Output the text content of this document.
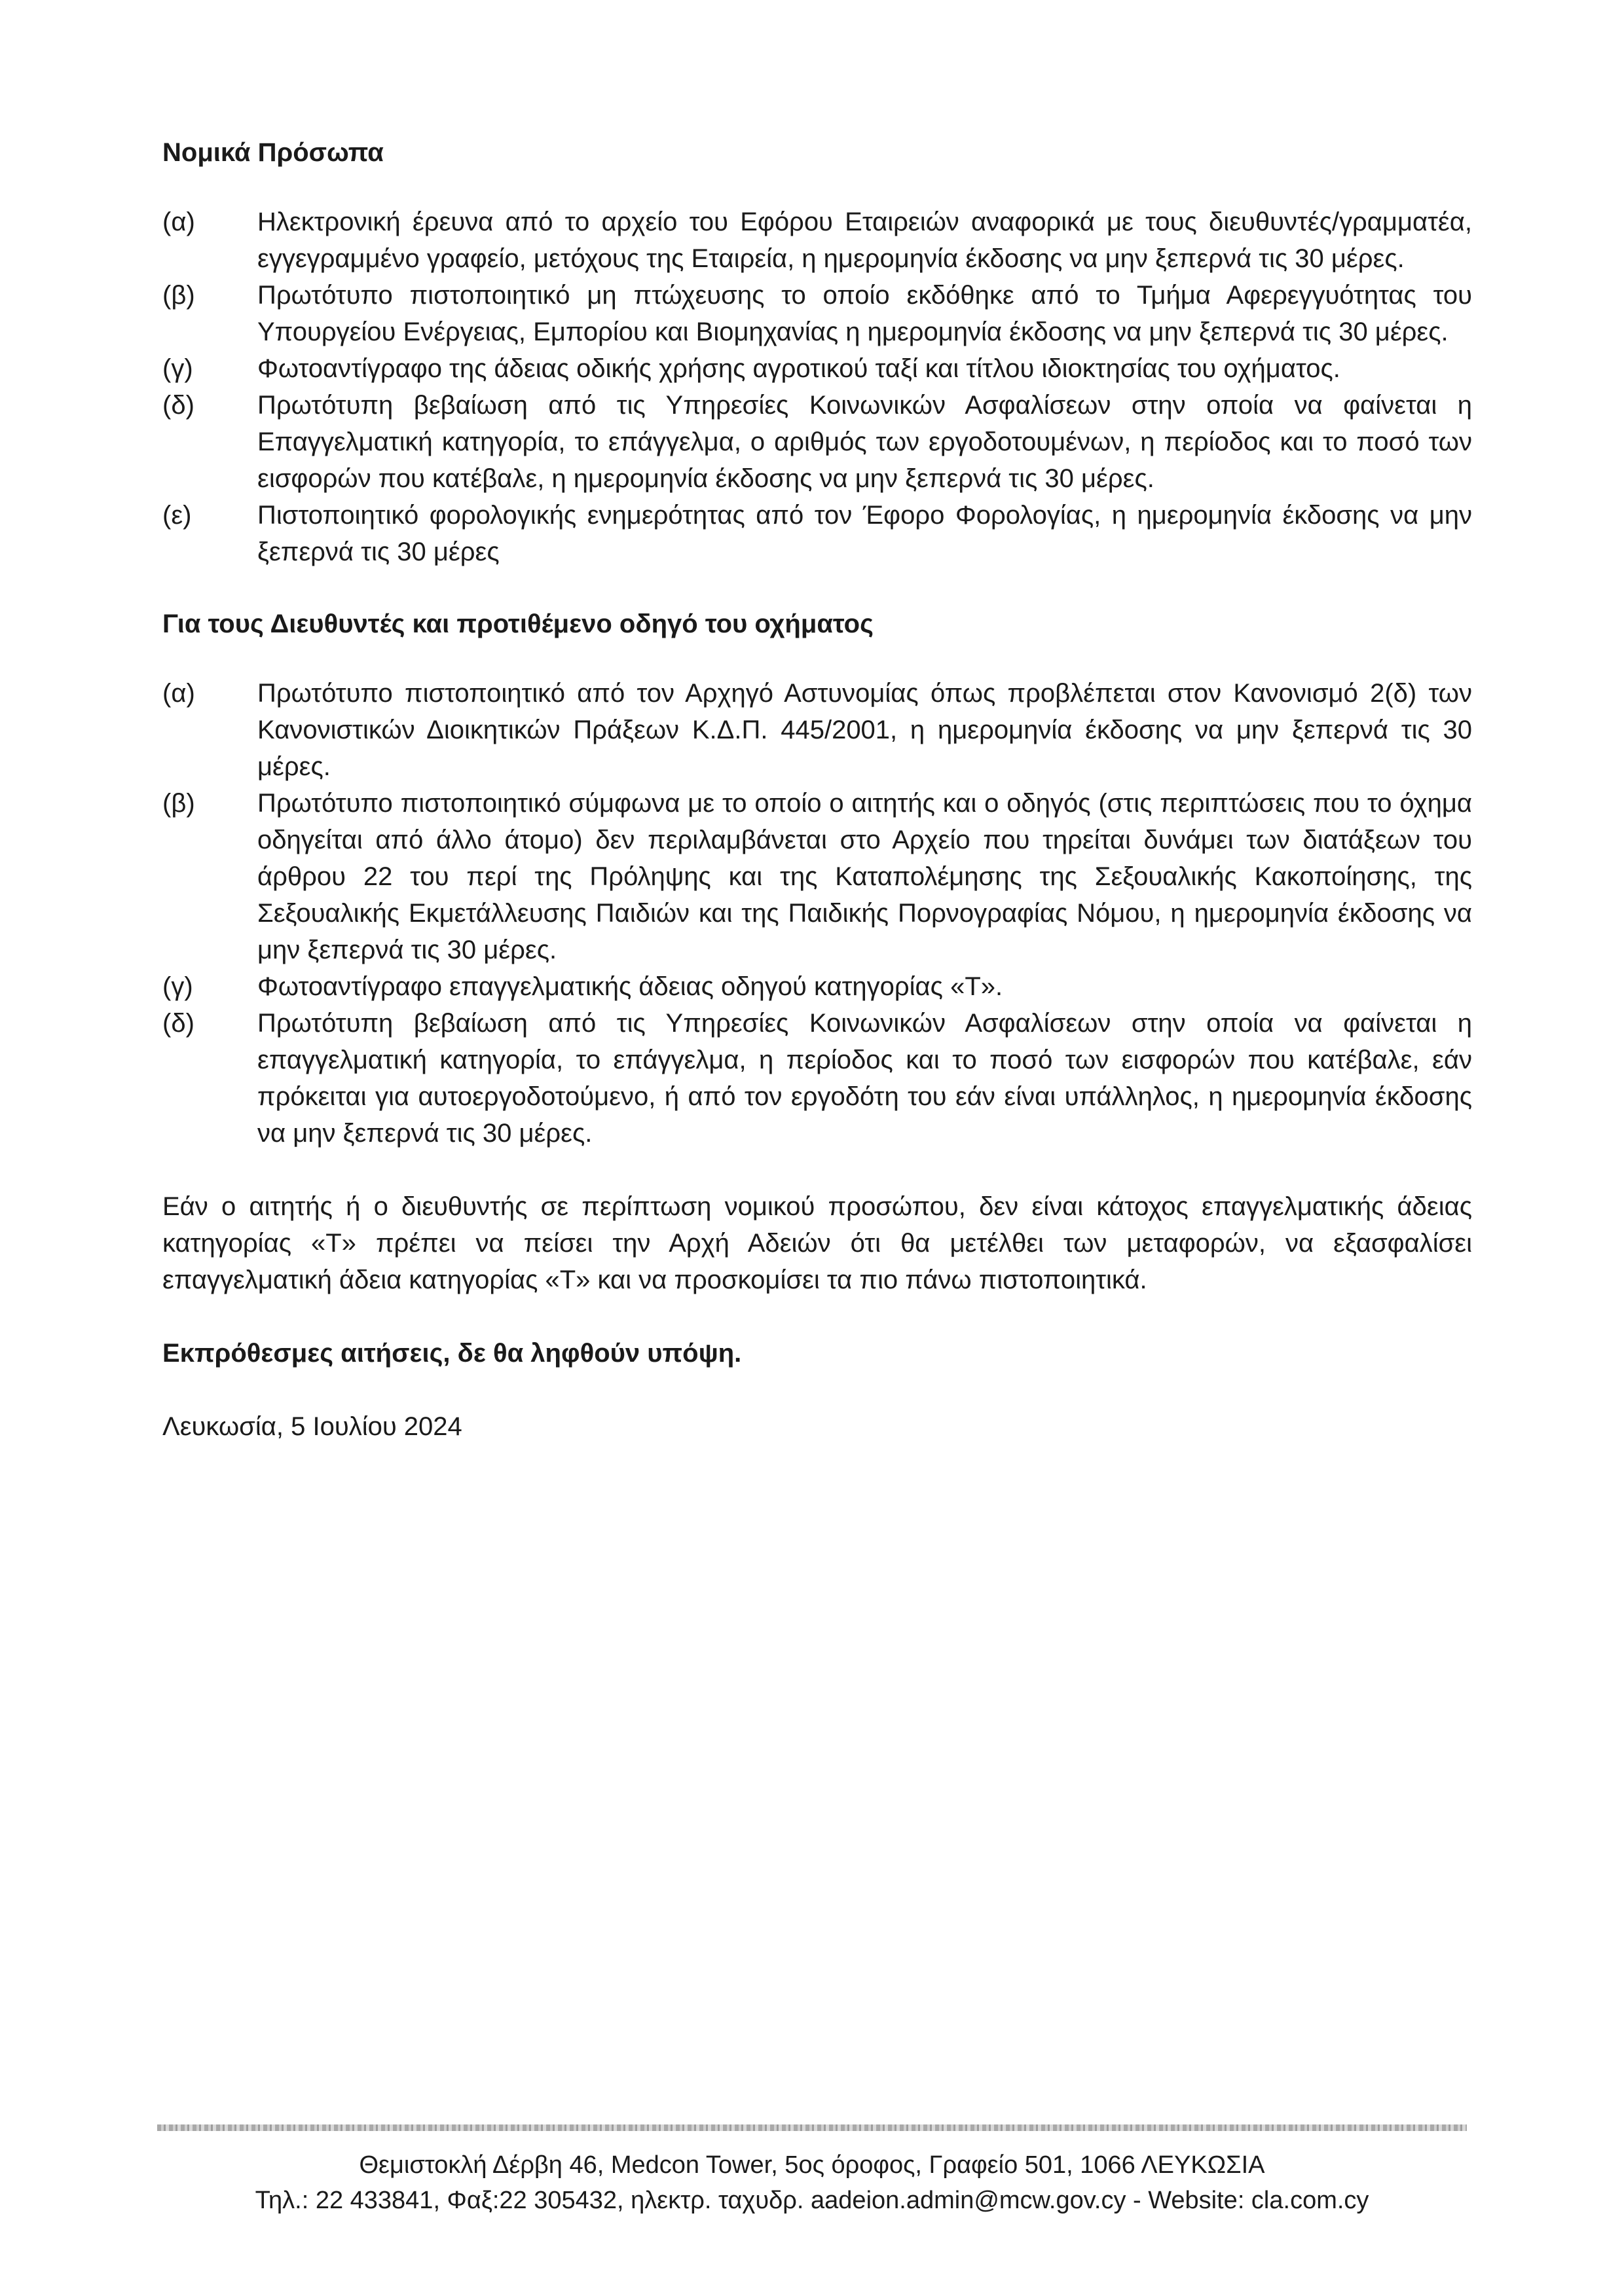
Νομικά Πρόσωπα

(α)	Ηλεκτρονική έρευνα από το αρχείο του Εφόρου Εταιρειών αναφορικά με τους διευθυντές/γραμματέα, εγγεγραμμένο γραφείο, μετόχους της Εταιρεία, η ημερομηνία έκδοσης να μην ξεπερνά τις 30 μέρες.
(β)	Πρωτότυπο πιστοποιητικό μη πτώχευσης το οποίο εκδόθηκε από το Τμήμα Αφερεγγυότητας του Υπουργείου Ενέργειας, Εμπορίου και Βιομηχανίας η ημερομηνία έκδοσης να μην ξεπερνά τις 30 μέρες.
(γ)	Φωτοαντίγραφο της άδειας οδικής χρήσης αγροτικού ταξί και τίτλου ιδιοκτησίας του οχήματος.
(δ)	Πρωτότυπη βεβαίωση από τις Υπηρεσίες Κοινωνικών Ασφαλίσεων στην οποία να φαίνεται η Επαγγελματική κατηγορία, το επάγγελμα, ο αριθμός των εργοδοτουμένων, η περίοδος και το ποσό των εισφορών που κατέβαλε, η ημερομηνία έκδοσης να μην ξεπερνά τις 30 μέρες.
(ε)	Πιστοποιητικό φορολογικής ενημερότητας από τον Έφορο Φορολογίας, η ημερομηνία έκδοσης να μην ξεπερνά τις 30 μέρες

Για τους Διευθυντές και προτιθέμενο οδηγό του οχήματος

(α)	Πρωτότυπο πιστοποιητικό από τον Αρχηγό Αστυνομίας όπως προβλέπεται στον Κανονισμό 2(δ) των Κανονιστικών Διοικητικών Πράξεων Κ.Δ.Π. 445/2001, η ημερομηνία έκδοσης να μην ξεπερνά τις 30 μέρες.
(β)	Πρωτότυπο πιστοποιητικό σύμφωνα με το οποίο ο αιτητής και ο οδηγός (στις περιπτώσεις που το όχημα οδηγείται από άλλο άτομο) δεν περιλαμβάνεται στο Αρχείο που τηρείται δυνάμει των διατάξεων του άρθρου 22 του περί της Πρόληψης και της Καταπολέμησης της Σεξουαλικής Κακοποίησης, της Σεξουαλικής Εκμετάλλευσης Παιδιών και της Παιδικής Πορνογραφίας Νόμου, η ημερομηνία έκδοσης να μην ξεπερνά τις 30 μέρες.
(γ)	Φωτοαντίγραφο επαγγελματικής άδειας οδηγού κατηγορίας «Τ».
(δ)	Πρωτότυπη βεβαίωση από τις Υπηρεσίες Κοινωνικών Ασφαλίσεων στην οποία να φαίνεται η επαγγελματική κατηγορία, το επάγγελμα, η περίοδος και το ποσό των εισφορών που κατέβαλε, εάν πρόκειται για αυτοεργοδοτούμενο, ή από τον εργοδότη του εάν είναι υπάλληλος, η ημερομηνία έκδοσης να μην ξεπερνά τις 30 μέρες.

Εάν ο αιτητής ή ο διευθυντής σε περίπτωση νομικού προσώπου, δεν είναι κάτοχος επαγγελματικής άδειας κατηγορίας «Τ» πρέπει να πείσει την Αρχή Αδειών ότι θα μετέλθει των μεταφορών, να εξασφαλίσει επαγγελματική άδεια κατηγορίας «Τ» και να προσκομίσει τα πιο πάνω πιστοποιητικά.

Εκπρόθεσμες αιτήσεις, δε θα ληφθούν υπόψη.

Λευκωσία, 5 Ιουλίου 2024

Θεμιστοκλή Δέρβη 46, Medcon Tower, 5ος όροφος, Γραφείο 501, 1066 ΛΕΥΚΩΣΙΑ
Τηλ.: 22 433841, Φαξ:22 305432, ηλεκτρ. ταχυδρ. aadeion.admin@mcw.gov.cy - Website: cla.com.cy
